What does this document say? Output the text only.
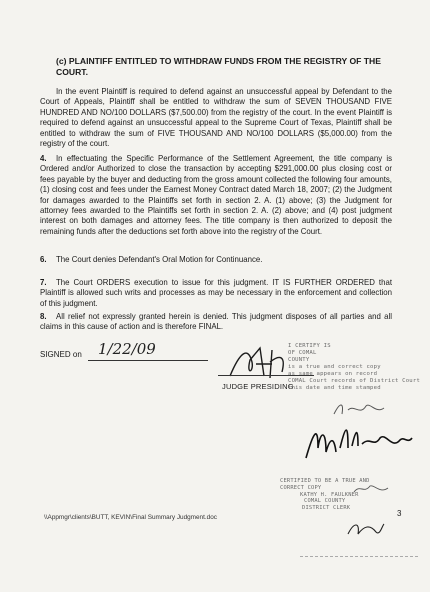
(c) PLAINTIFF ENTITLED TO WITHDRAW FUNDS FROM THE REGISTRY OF THE COURT.
In the event Plaintiff is required to defend against an unsuccessful appeal by Defendant to the Court of Appeals, Plaintiff shall be entitled to withdraw the sum of SEVEN THOUSAND FIVE HUNDRED AND NO/100 DOLLARS ($7,500.00) from the registry of the court. In the event Plaintiff is required to defend against an unsuccessful appeal to the Supreme Court of Texas, Plaintiff shall be entitled to withdraw the sum of FIVE THOUSAND AND NO/100 DOLLARS ($5,000.00) from the registry of the court.
4. In effectuating the Specific Performance of the Settlement Agreement, the title company is Ordered and/or Authorized to close the transaction by accepting $291,000.00 plus closing cost or fees payable by the buyer and deducting from the gross amount collected the following four amounts, (1) closing cost and fees under the Earnest Money Contract dated March 18, 2007; (2) the Judgment for damages awarded to the Plaintiffs set forth in section 2. A. (1) above; (3) the Judgment for attorney fees awarded to the Plaintiffs set forth in section 2. A. (2) above; and (4) post judgment interest on both damages and attorney fees. The title company is then authorized to deposit the remaining funds after the deductions set forth above into the registry of the Court.
6. The Court denies Defendant's Oral Motion for Continuance.
7. The Court ORDERS execution to issue for this judgment. IT IS FURTHER ORDERED that Plaintiff is allowed such writs and processes as may be necessary in the enforcement and collection of this judgment.
8. All relief not expressly granted herein is denied. This judgment disposes of all parties and all claims in this cause of action and is therefore FINAL.
SIGNED on 1/22/09
JUDGE PRESIDING
I CERTIFY IS
OF COMAL
COUNTY
is a true and correct copy
as same appears on record
COMAL Court records of District Court
this date and time stamped
CERTIFIED TO BE A TRUE AND
CORRECT COPY
KATHY H. FAULKNER
COMAL COUNTY
DISTRICT CLERK
\\Appmgr\clients\BUTT, KEVIN\Final Summary Judgment.doc	3
